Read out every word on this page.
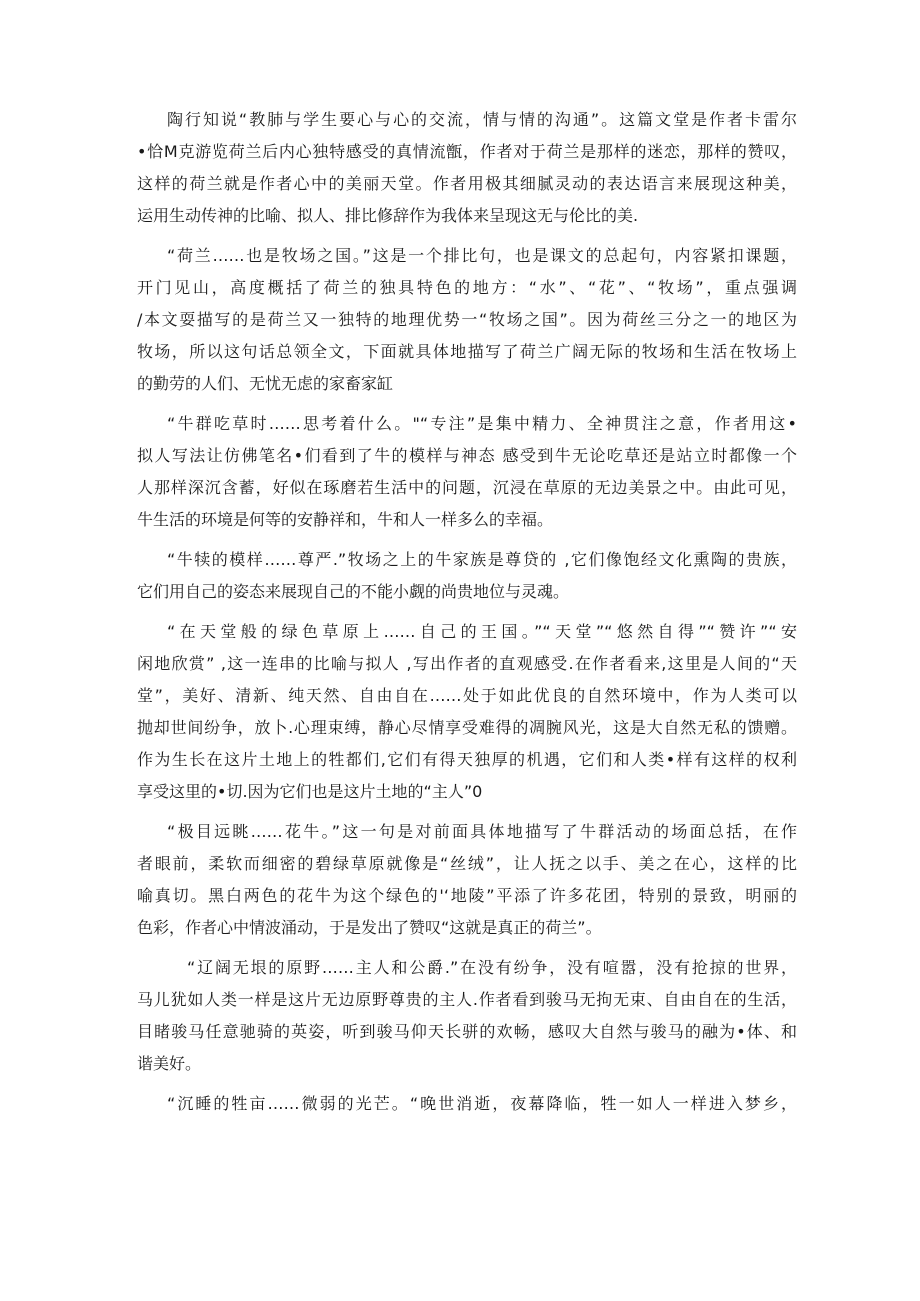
陶行知说“教肺与学生要心与心的交流，情与情的沟通”。这篇文堂是作者卡雷尔
•恰M克游览荷兰后内心独特感受的真情流甑，作者对于荷兰是那样的迷恋，那样的赞叹，
这样的荷兰就是作者心中的美丽天堂。作者用极其细腻灵动的表达语言来展现这种美，
运用生动传神的比喻、拟人、排比修辞作为我体来呈现这无与伦比的美.
“荷兰……也是牧场之国。”这是一个排比句，也是课文的总起句，内容紧扣课题，
开门见山，高度概括了荷兰的独具特色的地方：“水”、“花”、“牧场”，重点强调
/本文耍描写的是荷兰又一独特的地理优势一“牧场之国”。因为荷丝三分之一的地区为
牧场，所以这句话总领全文，下面就具体地描写了荷兰广阔无际的牧场和生活在牧场上
的勤劳的人们、无忧无虑的家畜家缸
“牛群吃草时……思考着什么。"“专注”是集中精力、全神贯注之意，作者用这•
拟人写法让仿佛笔名•们看到了牛的模样与神态 感受到牛无论吃草还是站立时都像一个
人那样深沉含蓄，好似在琢磨若生活中的问题，沉浸在草原的无边美景之中。由此可见，
牛生活的环境是何等的安静祥和，牛和人一样多么的幸福。
“牛犊的模样……尊严.”牧场之上的牛家族是尊贷的 ,它们像饱经文化熏陶的贵族，
它们用自己的姿态来展现自己的不能小觑的尚贵地位与灵魂。
“在天堂般的绿色草原上……自己的王国。”“天堂”“悠然自得”“赞许”“安
闲地欣赏” ,这一连串的比喻与拟人 ,写出作者的直观感受.在作者看来,这里是人间的“天
堂”，美好、清新、纯天然、自由自在……处于如此优良的自然环境中，作为人类可以
抛却世间纷争，放卜.心理束缚，静心尽情享受难得的凋腕风光，这是大自然无私的馈赠。
作为生长在这片土地上的牲都们,它们有得天独厚的机遇，它们和人类•样有这样的权利
享受这里的•切.因为它们也是这片土地的“主人”0
“极目远眺……花牛。”这一句是对前面具体地描写了牛群活动的场面总括，在作
者眼前，柔软而细密的碧绿草原就像是“丝绒”，让人抚之以手、美之在心，这样的比
喻真切。黑白两色的花牛为这个绿色的'‘地陵”平添了许多花团，特别的景致，明丽的
色彩，作者心中情波涌动，于是发出了赞叹“这就是真正的荷兰”。
“辽阔无垠的原野……主人和公爵.”在没有纷争，没有喧嚣，没有抢掠的世界，
马儿犹如人类一样是这片无边原野尊贵的主人.作者看到骏马无拘无束、自由自在的生活，
目睹骏马任意驰骑的英姿，听到骏马仰天长骈的欢畅，感叹大自然与骏马的融为•体、和
谐美好。
“沉睡的牲亩……微弱的光芒。“晚世消逝，夜幕降临，牲一如人一样进入梦乡，
